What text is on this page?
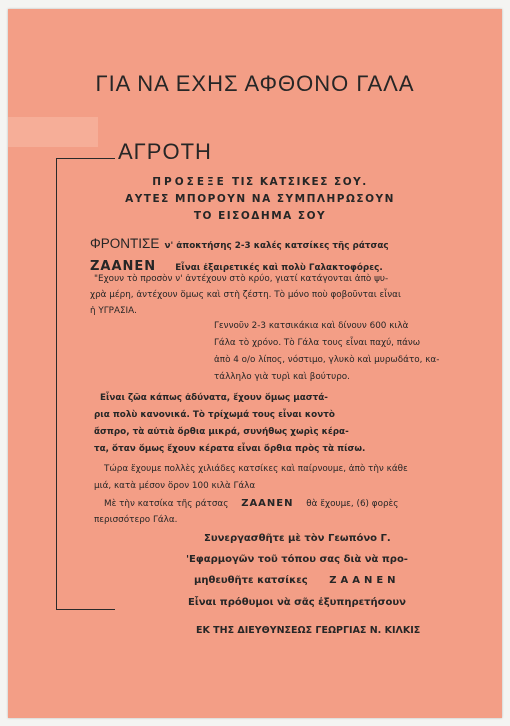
ΓΙΑ ΝΑ ΕΧΗΣ ΑΦΘΟΝΟ ΓΑΛΑ
ΑΓΡΟΤΗ
ΠΡΟΣΕΞΕ ΤΙΣ ΚΑΤΣΙΚΕΣ ΣΟΥ.
ΑΥΤΕΣ ΜΠΟΡΟΥΝ ΝΑ ΣΥΜΠΛΗΡΩΣΟΥΝ
ΤΟ ΕΙΣΟΔΗΜΑ ΣΟΥ
ΦΡΟΝΤΙΣΕ ν' ἀποκτήσης 2-3 καλές κατσίκες τῆς ράτσας
ΖΑΑΝΕΝ Εἶναι ἐξαιρετικές καὶ πολὺ Γαλακτοφόρες.
"Εχουν τὸ προσὸν ν' ἀντέχουν στὸ κρύο, γιατί κατάγονται ἀπὸ ψυ-
χρὰ μέρη, ἀντέχουν ὅμως καὶ στὴ ζέστη. Τὸ μόνο ποὺ φοβοῦνται εἶναι
ἡ ΥΓΡΑΣΙΑ.
Γεννοῦν 2-3 κατσικάκια καὶ δίνουν 600 κιλὰ
Γάλα τὸ χρόνο. Τὸ Γάλα τους εἶναι παχύ, πάνω
ἀπὸ 4 ο/ο λίπος, νόστιμο, γλυκὸ καὶ μυρωδάτο, κα-
τάλληλο γιὰ τυρὶ καὶ βούτυρο.
Εἶναι ζῶα κάπως ἀδύνατα, ἔχουν ὅμως μαστά-
ρια πολὺ κανονικά. Τὸ τρίχωμά τους εἶναι κοντὸ
ἄσπρο, τὰ αὐτιὰ ὄρθια μικρά, συνήθως χωρὶς κέρα-
τα, ὅταν ὅμως ἔχουν κέρατα εἶναι ὄρθια πρὸς τὰ πίσω.
Τώρα ἔχουμε πολλὲς χιλιάδες κατσίκες καὶ παίρνουμε, ἀπὸ τὴν κάθε
μιά, κατὰ μέσον ὅρον 100 κιλὰ Γάλα
Μὲ τὴν κατσίκα τῆς ράτσας ΖΑΑΝΕΝ θὰ ἔχουμε, (6) φορὲς
περισσότερο Γάλα.
Συνεργασθῆτε μὲ τὸν Γεωπόνο Γ.
'Εφαρμογῶν τοῦ τόπου σας διὰ νὰ προ-
μηθευθῆτε κατσίκες ΖΑΑΝΕΝ
Εἶναι πρόθυμοι νὰ σᾶς ἐξυπηρετήσουν
ΕΚ ΤΗΣ ΔΙΕΥΘΥΝΣΕΩΣ ΓΕΩΡΓΙΑΣ Ν. ΚΙΛΚΙΣ
